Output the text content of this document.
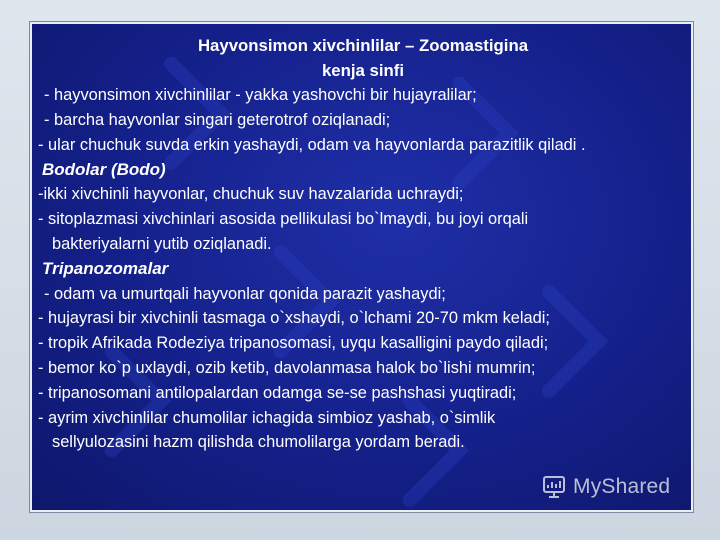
Hayvonsimon xivchinlilar – Zoomastigina

kenja sinfi

- hayvonsimon xivchinlilar - yakka yashovchi bir hujayralilar;

- barcha hayvonlar singari geterotrof oziqlanadi;

- ular chuchuk suvda erkin yashaydi, odam va hayvonlarda parazitlik qiladi .

Bodolar (Bodo)

-ikki xivchinli hayvonlar, chuchuk suv havzalarida uchraydi;

- sitoplazmasi xivchinlari asosida pellikulasi bo`lmaydi, bu joyi orqali

bakteriyalarni yutib oziqlanadi.

Tripanozomalar

- odam va umurtqali hayvonlar qonida parazit yashaydi;

- hujayrasi bir xivchinli tasmaga o`xshaydi, o`lchami 20-70 mkm keladi;

- tropik Afrikada Rodeziya tripanosomasi, uyqu kasalligini paydo qiladi;

- bemor ko`p uxlaydi, ozib ketib, davolanmasa halok bo`lishi mumrin;

- tripanosomani antilopalardan odamga se-se pashshasi yuqtiradi;

- ayrim xivchinlilar chumolilar ichagida simbioz yashab, o`simlik

sellyulozasini hazm qilishda chumolilarga yordam beradi.

MyShared
